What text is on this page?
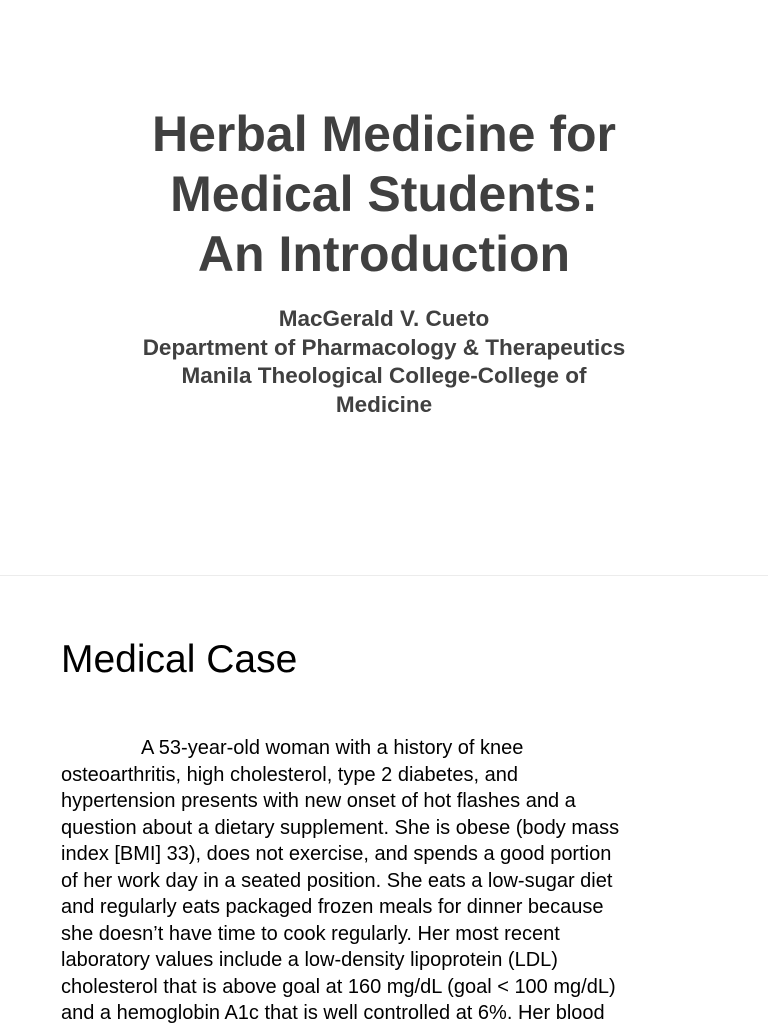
Herbal Medicine for
Medical Students:
An Introduction
MacGerald V. Cueto
Department of Pharmacology & Therapeutics
Manila Theological College-College of
Medicine
Medical Case

A 53-year-old woman with a history of knee
osteoarthritis, high cholesterol, type 2 diabetes, and
hypertension presents with new onset of hot flashes and a
question about a dietary supplement. She is obese (body mass
index [BMI] 33), does not exercise, and spends a good portion
of her work day in a seated position. She eats a low-sugar diet
and regularly eats packaged frozen meals for dinner because
she doesn’t have time to cook regularly. Her most recent
laboratory values include a low-density lipoprotein (LDL)
cholesterol that is above goal at 160 mg/dL (goal < 100 mg/dL)
and a hemoglobin A1c that is well controlled at 6%. Her blood
